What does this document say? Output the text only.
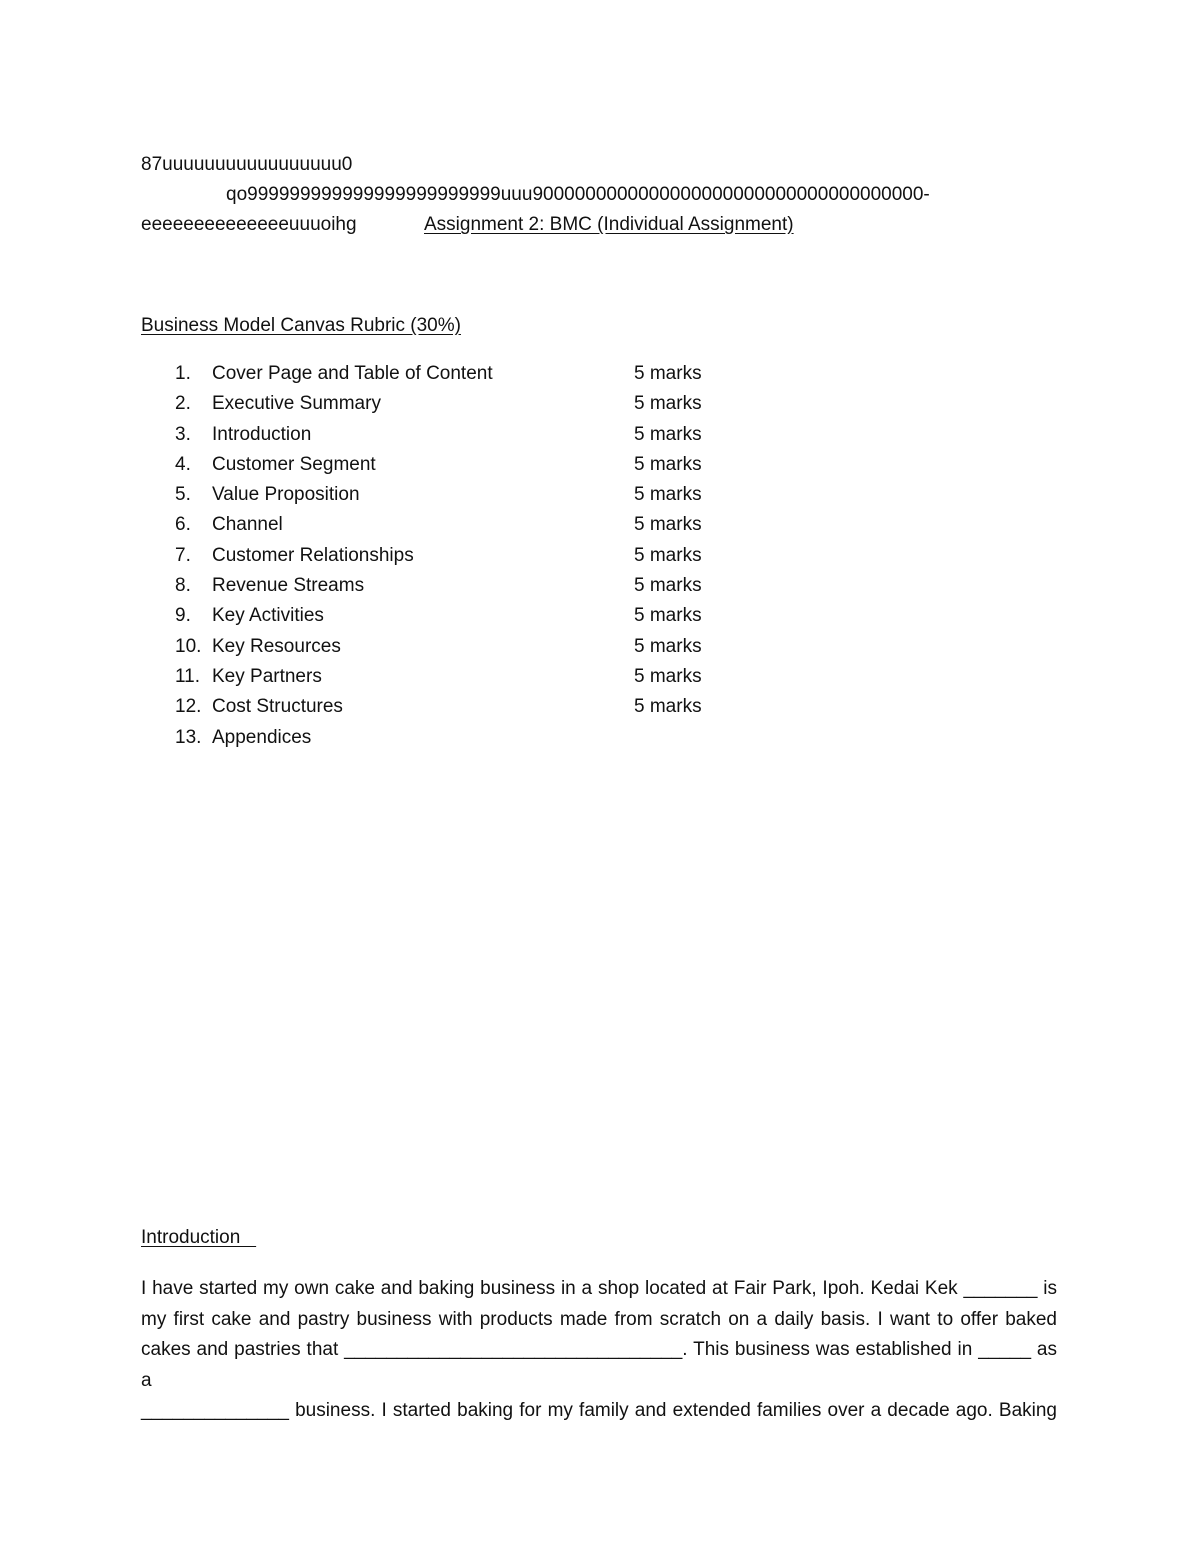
87uuuuuuuuuuuuuuuuu0
qo999999999999999999999999uuu9000000000000000000000000000000000000-
eeeeeeeeeeeeeeuuuoihg	Assignment 2: BMC (Individual Assignment)
Business Model Canvas Rubric (30%)
1. Cover Page and Table of Content	5 marks
2. Executive Summary	5 marks
3. Introduction	5 marks
4. Customer Segment	5 marks
5. Value Proposition	5 marks
6. Channel	5 marks
7. Customer Relationships	5 marks
8. Revenue Streams	5 marks
9. Key Activities	5 marks
10. Key Resources	5 marks
11. Key Partners	5 marks
12. Cost Structures	5 marks
13. Appendices
Introduction
I have started my own cake and baking business in a shop located at Fair Park, Ipoh. Kedai Kek _______ is
my first cake and pastry business with products made from scratch on a daily basis. I want to offer baked
cakes and pastries that ________________________________. This business was established in _____ as a
______________ business. I started baking for my family and extended families over a decade ago. Baking
